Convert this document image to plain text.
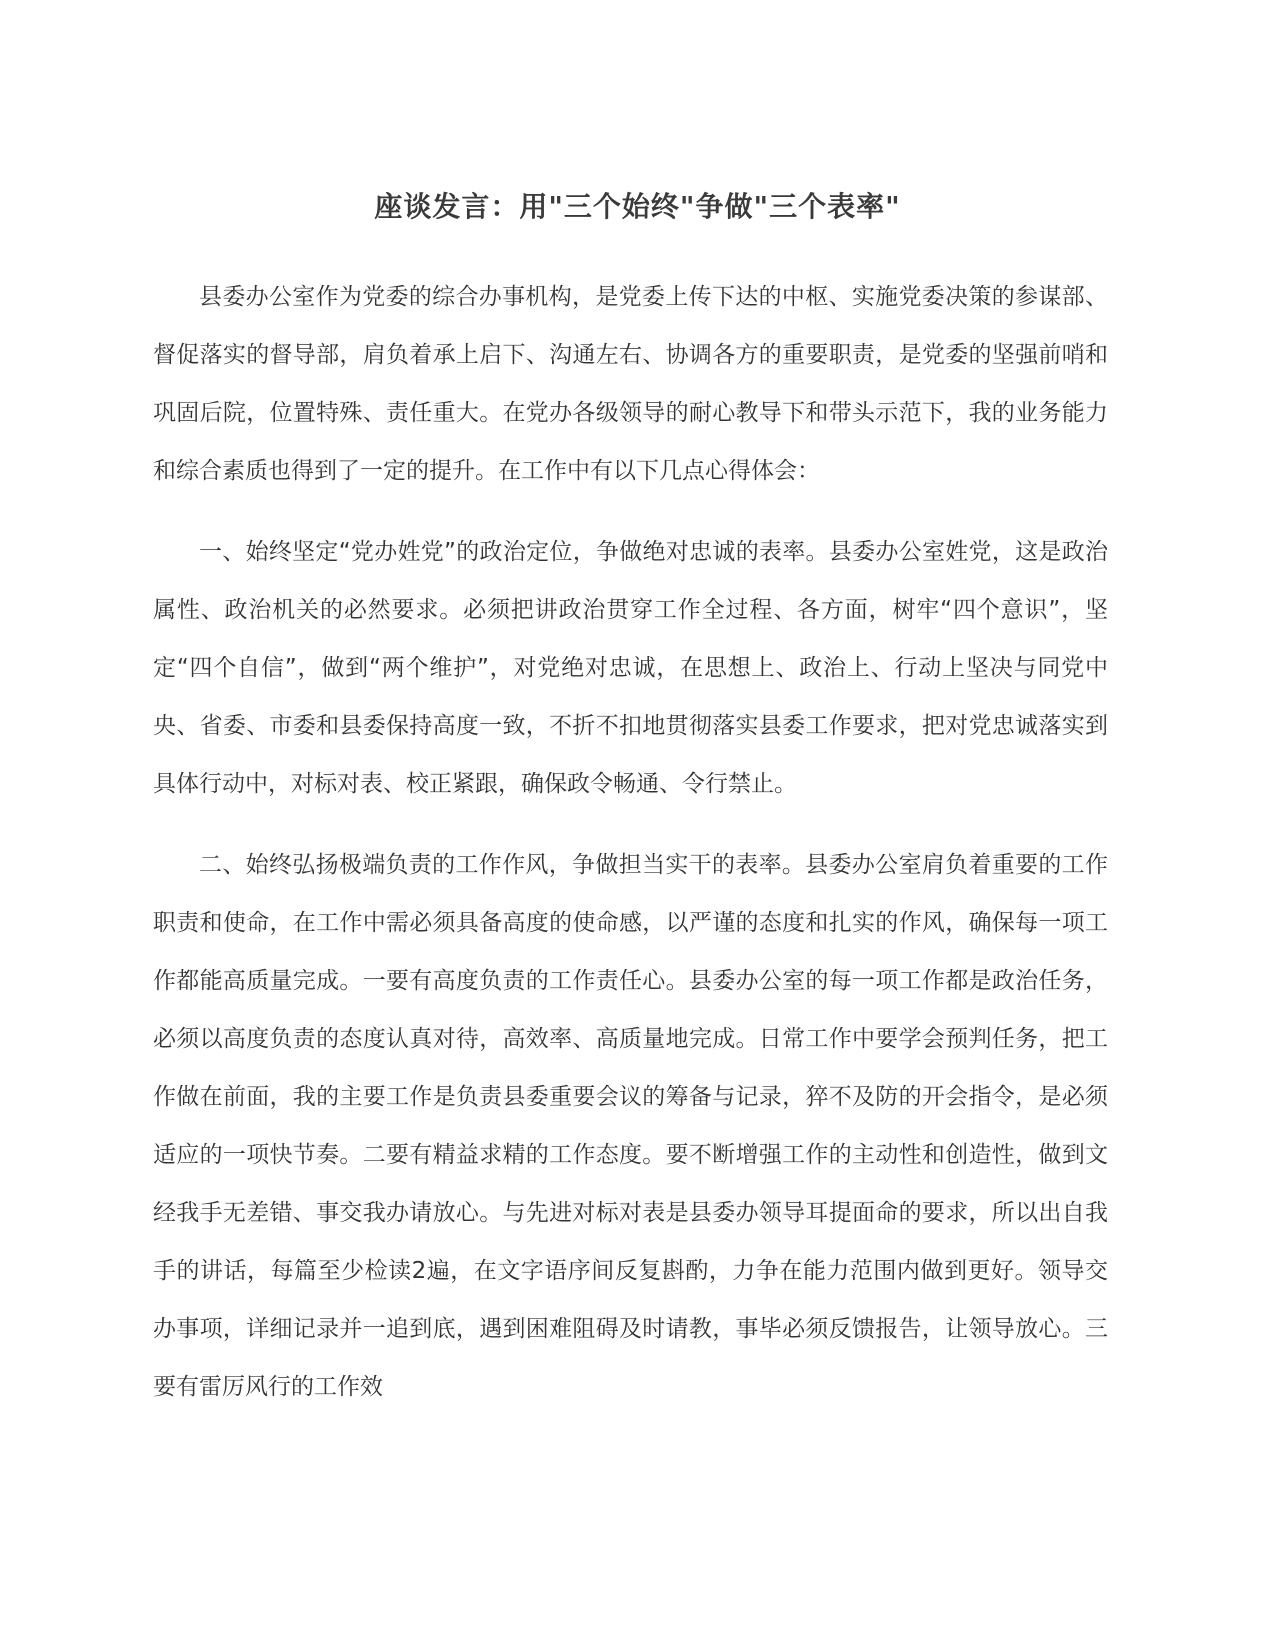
座谈发言：用"三个始终"争做"三个表率"

县委办公室作为党委的综合办事机构，是党委上传下达的中枢、实施党委决策的参谋部、督促落实的督导部，肩负着承上启下、沟通左右、协调各方的重要职责，是党委的坚强前哨和巩固后院，位置特殊、责任重大。在党办各级领导的耐心教导下和带头示范下，我的业务能力和综合素质也得到了一定的提升。在工作中有以下几点心得体会：

一、始终坚定“党办姓党”的政治定位，争做绝对忠诚的表率。县委办公室姓党，这是政治属性、政治机关的必然要求。必须把讲政治贯穿工作全过程、各方面，树牢“四个意识”，坚定“四个自信”，做到“两个维护”，对党绝对忠诚，在思想上、政治上、行动上坚决与同党中央、省委、市委和县委保持高度一致，不折不扣地贯彻落实县委工作要求，把对党忠诚落实到具体行动中，对标对表、校正紧跟，确保政令畅通、令行禁止。

二、始终弘扬极端负责的工作作风，争做担当实干的表率。县委办公室肩负着重要的工作职责和使命，在工作中需必须具备高度的使命感，以严谨的态度和扎实的作风，确保每一项工作都能高质量完成。一要有高度负责的工作责任心。县委办公室的每一项工作都是政治任务，必须以高度负责的态度认真对待，高效率、高质量地完成。日常工作中要学会预判任务，把工作做在前面，我的主要工作是负责县委重要会议的筹备与记录，猝不及防的开会指令，是必须适应的一项快节奏。二要有精益求精的工作态度。要不断增强工作的主动性和创造性，做到文经我手无差错、事交我办请放心。与先进对标对表是县委办领导耳提面命的要求，所以出自我手的讲话，每篇至少检读2遍，在文字语序间反复斟酌，力争在能力范围内做到更好。领导交办事项，详细记录并一追到底，遇到困难阻碍及时请教，事毕必须反馈报告，让领导放心。三要有雷厉风行的工作效
